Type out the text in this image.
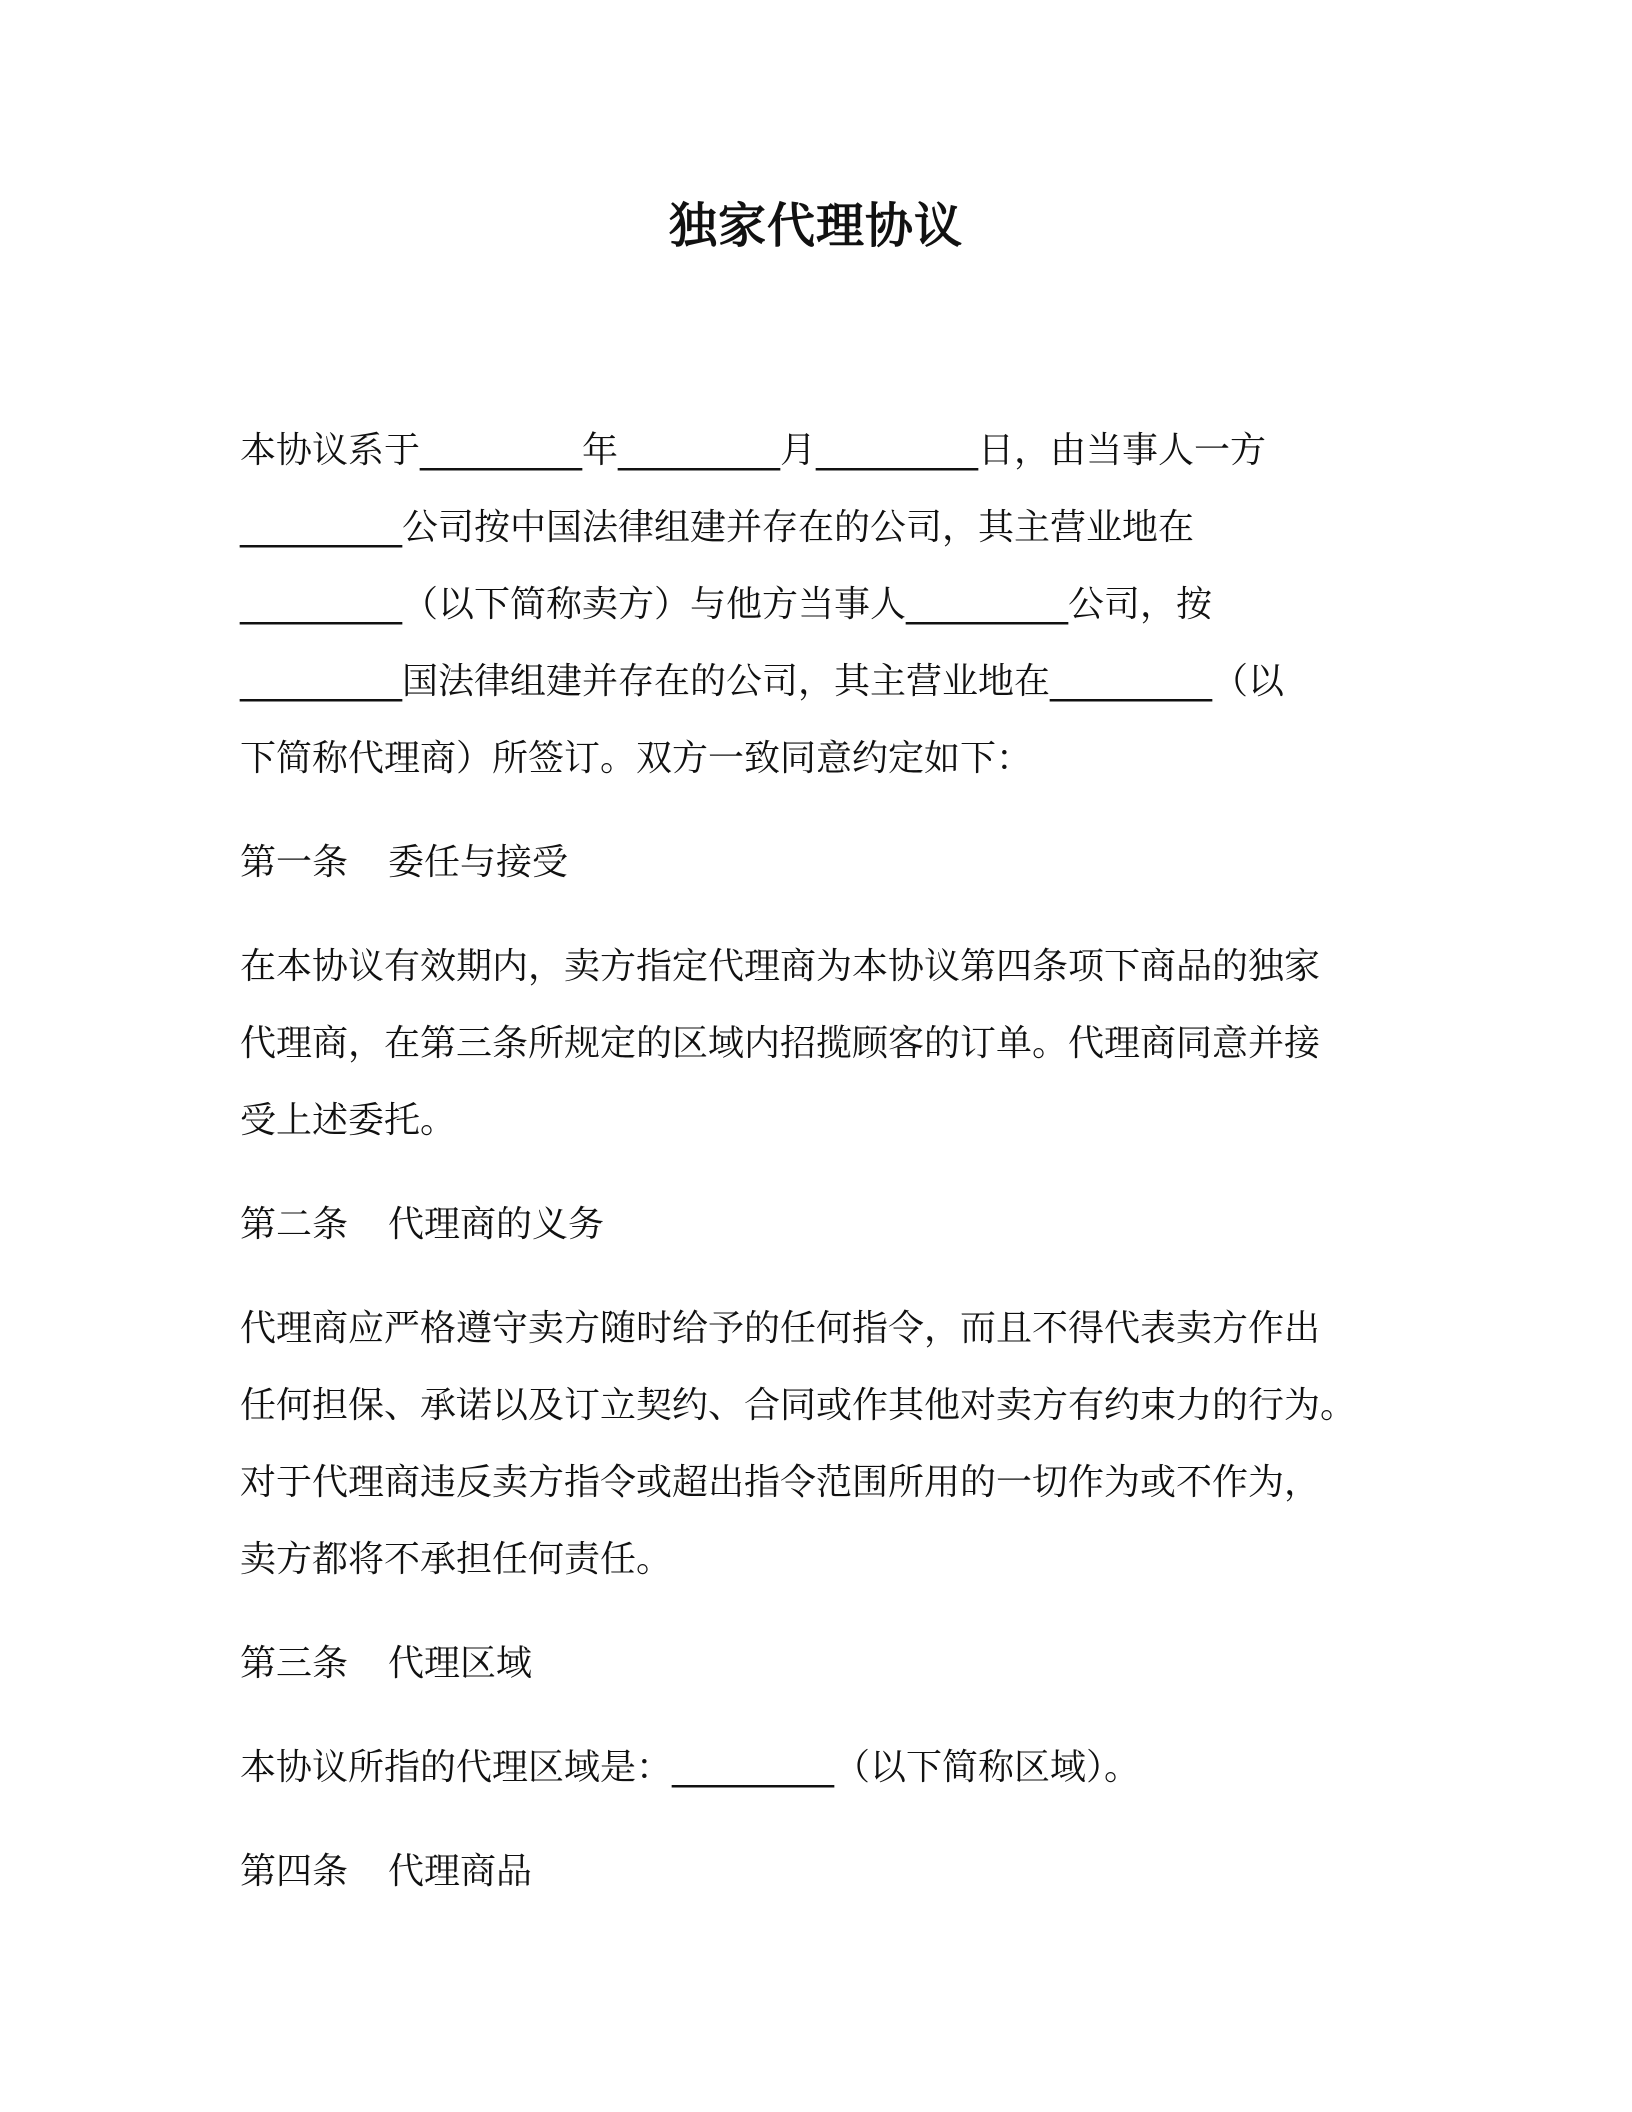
独家代理协议

本协议系于_________年_________月_________日，由当事人一方

_________公司按中国法律组建并存在的公司，其主营业地在

_________（以下简称卖方）与他方当事人_________公司，按

_________国法律组建并存在的公司，其主营业地在_________（以

下简称代理商）所签订。双方一致同意约定如下：

第一条 委任与接受

在本协议有效期内，卖方指定代理商为本协议第四条项下商品的独家

代理商，在第三条所规定的区域内招揽顾客的订单。代理商同意并接

受上述委托。

第二条 代理商的义务

代理商应严格遵守卖方随时给予的任何指令，而且不得代表卖方作出

任何担保、承诺以及订立契约、合同或作其他对卖方有约束力的行为。

对于代理商违反卖方指令或超出指令范围所用的一切作为或不作为，

卖方都将不承担任何责任。

第三条 代理区域

本协议所指的代理区域是：_________（以下简称区域）。

第四条 代理商品
